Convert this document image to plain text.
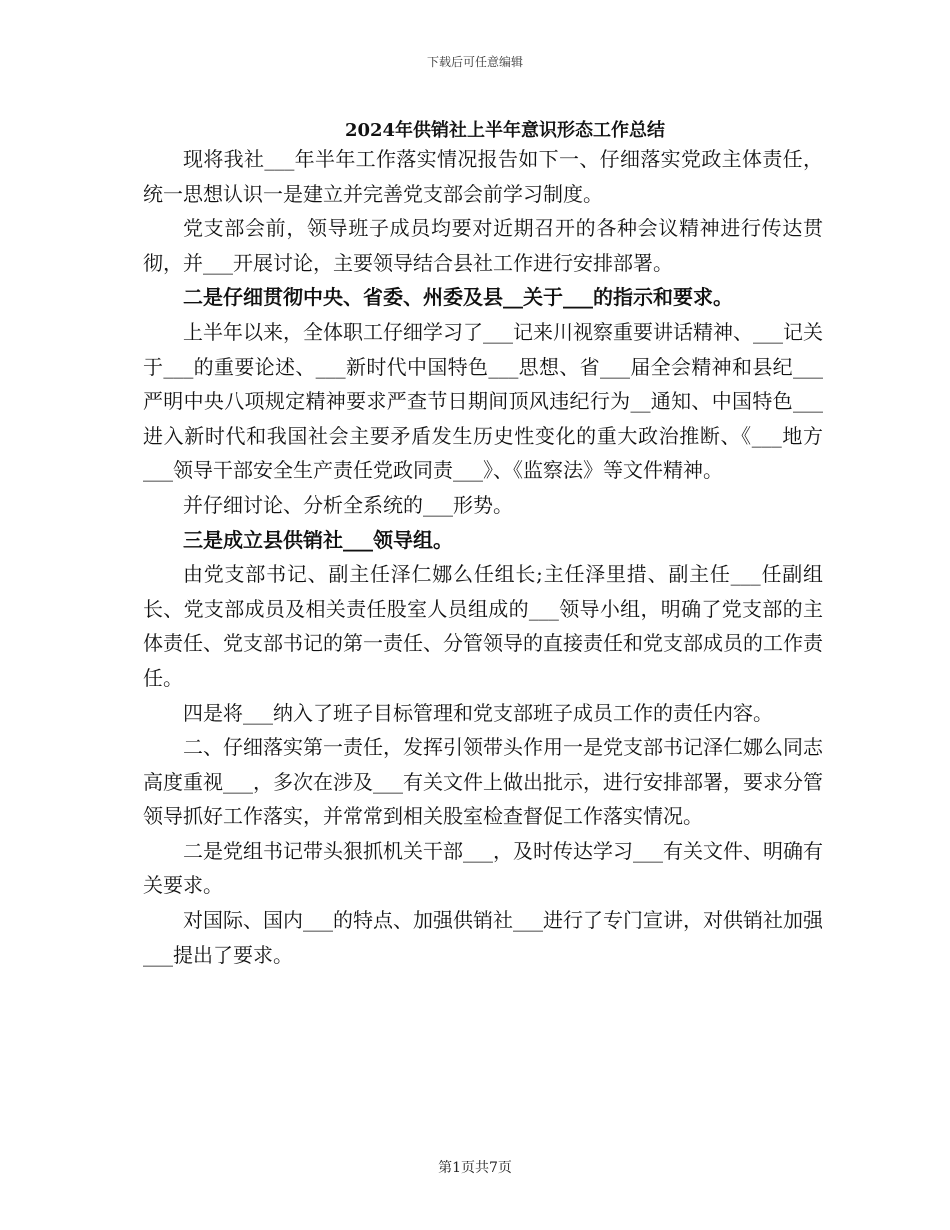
下载后可任意编辑
2024年供销社上半年意识形态工作总结

现将我社___年半年工作落实情况报告如下一、仔细落实党政主体责任，统一思想认识一是建立并完善党支部会前学习制度。

党支部会前，领导班子成员均要对近期召开的各种会议精神进行传达贯彻，并___开展讨论，主要领导结合县社工作进行安排部署。

二是仔细贯彻中央、省委、州委及县__关于___的指示和要求。

上半年以来，全体职工仔细学习了___记来川视察重要讲话精神、___记关于___的重要论述、___新时代中国特色___思想、省___届全会精神和县纪___严明中央八项规定精神要求严查节日期间顶风违纪行为__通知、中国特色___进入新时代和我国社会主要矛盾发生历史性变化的重大政治推断、《___地方___领导干部安全生产责任党政同责___》、《监察法》等文件精神。

并仔细讨论、分析全系统的___形势。

三是成立县供销社___领导组。

由党支部书记、副主任泽仁娜么任组长;主任泽里措、副主任___任副组长、党支部成员及相关责任股室人员组成的___领导小组，明确了党支部的主体责任、党支部书记的第一责任、分管领导的直接责任和党支部成员的工作责任。

四是将___纳入了班子目标管理和党支部班子成员工作的责任内容。

二、仔细落实第一责任，发挥引领带头作用一是党支部书记泽仁娜么同志高度重视___，多次在涉及___有关文件上做出批示，进行安排部署，要求分管领导抓好工作落实，并常常到相关股室检查督促工作落实情况。

二是党组书记带头狠抓机关干部___，及时传达学习___有关文件、明确有关要求。

对国际、国内___的特点、加强供销社___进行了专门宣讲，对供销社加强___提出了要求。

第1页共7页
